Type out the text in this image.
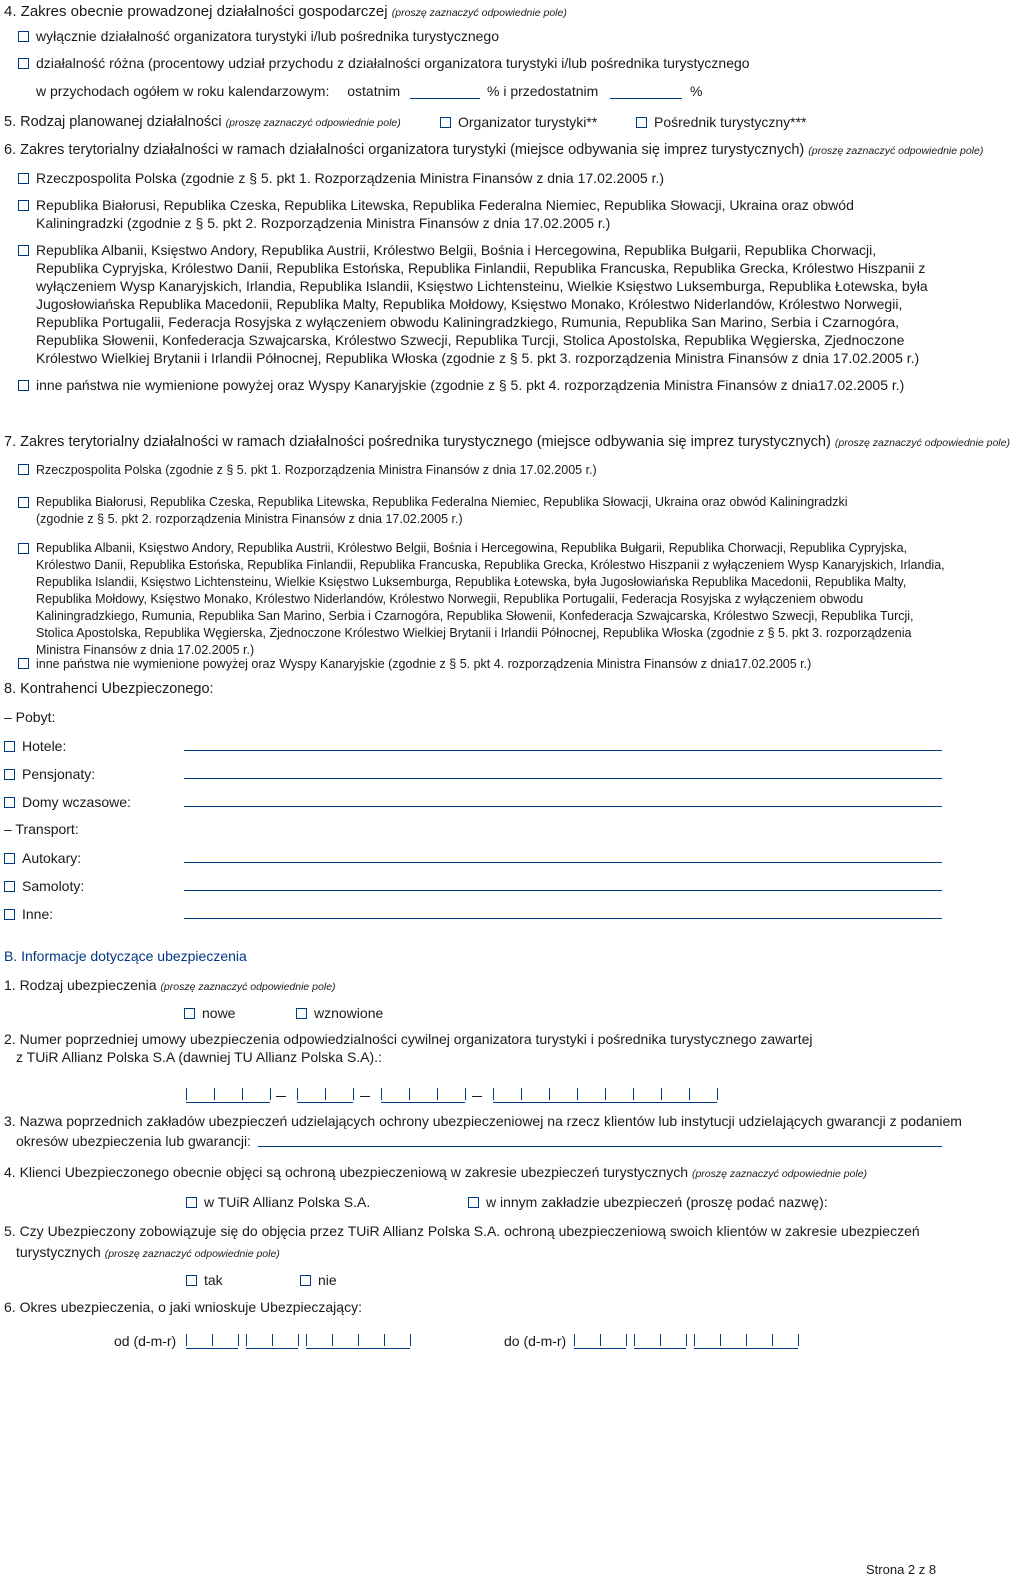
4. Zakres obecnie prowadzonej działalności gospodarczej (proszę zaznaczyć odpowiednie pole)
wyłącznie działalność organizatora turystyki i/lub pośrednika turystycznego
działalność różna (procentowy udział przychodu z działalności organizatora turystyki i/lub pośrednika turystycznego
w przychodach ogółem w roku kalendarzowym: ostatnim	% i przedostatnim	%
5. Rodzaj planowanej działalności (proszę zaznaczyć odpowiednie pole)	Organizator turystyki**	Pośrednik turystyczny***
6. Zakres terytorialny działalności w ramach działalności organizatora turystyki (miejsce odbywania się imprez turystycznych) (proszę zaznaczyć odpowiednie pole)
Rzeczpospolita Polska (zgodnie z § 5. pkt 1. Rozporządzenia Ministra Finansów z dnia 17.02.2005 r.)
Republika Białorusi, Republika Czeska, Republika Litewska, Republika Federalna Niemiec, Republika Słowacji, Ukraina oraz obwód Kaliningradzki (zgodnie z § 5. pkt 2. Rozporządzenia Ministra Finansów z dnia 17.02.2005 r.)
Republika Albanii, Księstwo Andory, Republika Austrii, Królestwo Belgii, Bośnia i Hercegowina, Republika Bułgarii, Republika Chorwacji, Republika Cypryjska, Królestwo Danii, Republika Estońska, Republika Finlandii, Republika Francuska, Republika Grecka, Królestwo Hiszpanii z wyłączeniem Wysp Kanaryjskich, Irlandia, Republika Islandii, Księstwo Lichtensteinu, Wielkie Księstwo Luksemburga, Republika Łotewska, była Jugosłowiańska Republika Macedonii, Republika Malty, Republika Mołdowy, Księstwo Monako, Królestwo Niderlandów, Królestwo Norwegii, Republika Portugalii, Federacja Rosyjska z wyłączeniem obwodu Kaliningradzkiego, Rumunia, Republika San Marino, Serbia i Czarnogóra, Republika Słowenii, Konfederacja Szwajcarska, Królestwo Szwecji, Republika Turcji, Stolica Apostolska, Republika Węgierska, Zjednoczone Królestwo Wielkiej Brytanii i Irlandii Północnej, Republika Włoska (zgodnie z § 5. pkt 3. rozporządzenia Ministra Finansów z dnia 17.02.2005 r.)
inne państwa nie wymienione powyżej oraz Wyspy Kanaryjskie (zgodnie z § 5. pkt 4. rozporządzenia Ministra Finansów z dnia17.02.2005 r.)
7. Zakres terytorialny działalności w ramach działalności pośrednika turystycznego (miejsce odbywania się imprez turystycznych) (proszę zaznaczyć odpowiednie pole)
Rzeczpospolita Polska (zgodnie z § 5. pkt 1. Rozporządzenia Ministra Finansów z dnia 17.02.2005 r.)
Republika Białorusi, Republika Czeska, Republika Litewska, Republika Federalna Niemiec, Republika Słowacji, Ukraina oraz obwód Kaliningradzki (zgodnie z § 5. pkt 2. rozporządzenia Ministra Finansów z dnia 17.02.2005 r.)
Republika Albanii, Księstwo Andory, Republika Austrii, Królestwo Belgii, Bośnia i Hercegowina, Republika Bułgarii, Republika Chorwacji, Republika Cypryjska, Królestwo Danii, Republika Estońska, Republika Finlandii, Republika Francuska, Republika Grecka, Królestwo Hiszpanii z wyłączeniem Wysp Kanaryjskich, Irlandia, Republika Islandii, Księstwo Lichtensteinu, Wielkie Księstwo Luksemburga, Republika Łotewska, była Jugosłowiańska Republika Macedonii, Republika Malty, Republika Mołdowy, Księstwo Monako, Królestwo Niderlandów, Królestwo Norwegii, Republika Portugalii, Federacja Rosyjska z wyłączeniem obwodu Kaliningradzkiego, Rumunia, Republika San Marino, Serbia i Czarnogóra, Republika Słowenii, Konfederacja Szwajcarska, Królestwo Szwecji, Republika Turcji, Stolica Apostolska, Republika Węgierska, Zjednoczone Królestwo Wielkiej Brytanii i Irlandii Północnej, Republika Włoska (zgodnie z § 5. pkt 3. rozporządzenia Ministra Finansów z dnia 17.02.2005 r.)
inne państwa nie wymienione powyżej oraz Wyspy Kanaryjskie (zgodnie z § 5. pkt 4. rozporządzenia Ministra Finansów z dnia17.02.2005 r.)
8. Kontrahenci Ubezpieczonego:
– Pobyt:
Hotele:
Pensjonaty:
Domy wczasowe:
– Transport:
Autokary:
Samoloty:
Inne:
B. Informacje dotyczące ubezpieczenia
1. Rodzaj ubezpieczenia (proszę zaznaczyć odpowiednie pole)
nowe	wznowione
2. Numer poprzedniej umowy ubezpieczenia odpowiedzialności cywilnej organizatora turystyki i pośrednika turystycznego zawartej
z TUiR Allianz Polska S.A (dawniej TU Allianz Polska S.A).:
3. Nazwa poprzednich zakładów ubezpieczeń udzielających ochrony ubezpieczeniowej na rzecz klientów lub instytucji udzielających gwarancji z podaniem
okresów ubezpieczenia lub gwarancji:
4. Klienci Ubezpieczonego obecnie objęci są ochroną ubezpieczeniową w zakresie ubezpieczeń turystycznych (proszę zaznaczyć odpowiednie pole)
w TUiR Allianz Polska S.A.	w innym zakładzie ubezpieczeń (proszę podać nazwę):
5. Czy Ubezpieczony zobowiązuje się do objęcia przez TUiR Allianz Polska S.A. ochroną ubezpieczeniową swoich klientów w zakresie ubezpieczeń
turystycznych (proszę zaznaczyć odpowiednie pole)
tak	nie
6. Okres ubezpieczenia, o jaki wnioskuje Ubezpieczający:
od (d-m-r)	do (d-m-r)
Strona 2 z 8
